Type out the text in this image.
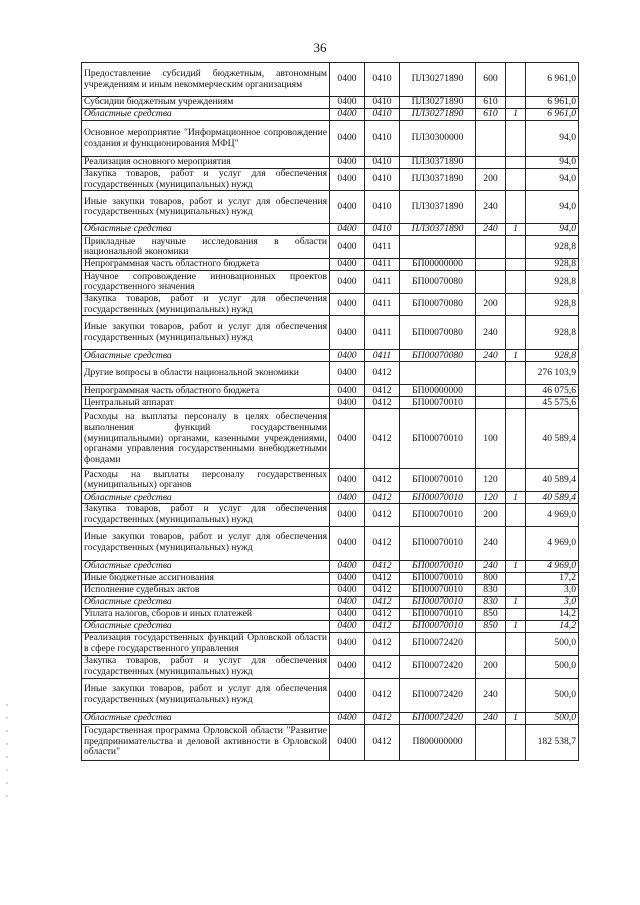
36
Предоставление субсидий бюджетным, автономным учреждениям и иным некоммерческим организациям	0400	0410	ПЛ30271890	600		6 961,0
Субсидии бюджетным учреждениям	0400	0410	ПЛ30271890	610		6 961,0
Областные средства	0400	0410	ПЛ30271890	610	1	6 961,0
Основное мероприятие "Информационное сопровождение создания и функционирования МФЦ"	0400	0410	ПЛ30300000			94,0
Реализация основного мероприятия	0400	0410	ПЛ30371890			94,0
Закупка товаров, работ и услуг для обеспечения государственных (муниципальных) нужд	0400	0410	ПЛ30371890	200		94,0
Иные закупки товаров, работ и услуг для обеспечения государственных (муниципальных) нужд	0400	0410	ПЛ30371890	240		94,0
Областные средства	0400	0410	ПЛ30371890	240	1	94,0
Прикладные научные исследования в области национальной экономики	0400	0411				928,8
Непрограммная часть областного бюджета	0400	0411	БП00000000			928,8
Научное сопровождение инновационных проектов государственного значения	0400	0411	БП00070080			928,8
Закупка товаров, работ и услуг для обеспечения государственных (муниципальных) нужд	0400	0411	БП00070080	200		928,8
Иные закупки товаров, работ и услуг для обеспечения государственных (муниципальных) нужд	0400	0411	БП00070080	240		928,8
Областные средства	0400	0411	БП00070080	240	1	928,8
Другие вопросы в области национальной экономики	0400	0412				276 103,9
Непрограммная часть областного бюджета	0400	0412	БП00000000			46 075,6
Центральный аппарат	0400	0412	БП00070010			45 575,6
Расходы на выплаты персоналу в целях обеспечения выполнения функций государственными (муниципальными) органами, казенными учреждениями, органами управления государственными внебюджетными фондами	0400	0412	БП00070010	100		40 589,4
Расходы на выплаты персоналу государственных (муниципальных) органов	0400	0412	БП00070010	120		40 589,4
Областные средства	0400	0412	БП00070010	120	1	40 589,4
Закупка товаров, работ и услуг для обеспечения государственных (муниципальных) нужд	0400	0412	БП00070010	200		4 969,0
Иные закупки товаров, работ и услуг для обеспечения государственных (муниципальных) нужд	0400	0412	БП00070010	240		4 969,0
Областные средства	0400	0412	БП00070010	240	1	4 969,0
Иные бюджетные ассигнования	0400	0412	БП00070010	800		17,2
Исполнение судебных актов	0400	0412	БП00070010	830		3,0
Областные средства	0400	0412	БП00070010	830	1	3,0
Уплата налогов, сборов и иных платежей	0400	0412	БП00070010	850		14,2
Областные средства	0400	0412	БП00070010	850	1	14,2
Реализация государственных функций Орловской области в сфере государственного управления	0400	0412	БП00072420			500,0
Закупка товаров, работ и услуг для обеспечения государственных (муниципальных) нужд	0400	0412	БП00072420	200		500,0
Иные закупки товаров, работ и услуг для обеспечения государственных (муниципальных) нужд	0400	0412	БП00072420	240		500,0
Областные средства	0400	0412	БП00072420	240	1	500,0
Государственная программа Орловской области "Развитие предпринимательства и деловой активности в Орловской области"	0400	0412	П800000000			182 538,7
